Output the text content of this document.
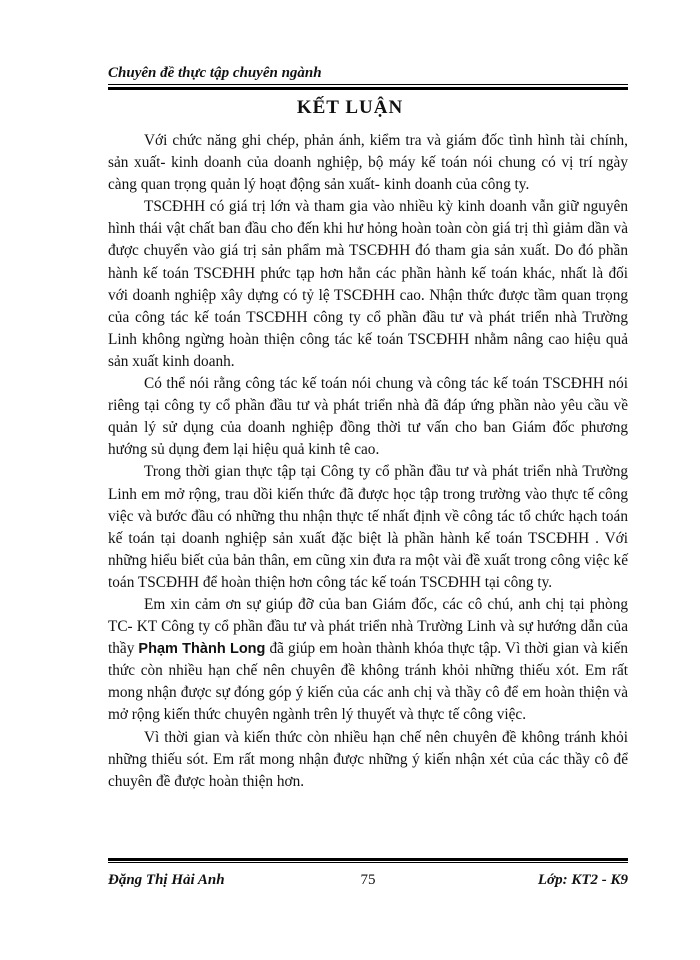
Chuyên đề thực tập chuyên ngành
KẾT LUẬN

Với chức năng ghi chép, phản ánh, kiểm tra và giám đốc tình hình tài chính, sản xuất- kinh doanh của doanh nghiệp, bộ máy kế toán nói chung có vị trí ngày càng quan trọng quản lý hoạt động sản xuất- kinh doanh của công ty.

TSCĐHH có giá trị lớn và tham gia vào nhiều kỳ kinh doanh vẫn giữ nguyên hình thái vật chất ban đầu cho đến khi hư hỏng hoàn toàn còn giá trị thì giảm dần và được chuyển vào giá trị sản phẩm mà TSCĐHH đó tham gia sản xuất. Do đó phần hành kế toán TSCĐHH phức tạp hơn hẳn các phần hành kế toán khác, nhất là đối với doanh nghiệp xây dựng có tỷ lệ TSCĐHH cao. Nhận thức được tầm quan trọng của công tác kế toán TSCĐHH công ty cổ phần đầu tư và phát triển nhà Trường Linh không ngừng hoàn thiện công tác kế toán TSCĐHH nhằm nâng cao hiệu quả sản xuất kinh doanh.

Có thể nói rằng công tác kế toán nói chung và công tác kế toán TSCĐHH nói riêng tại công ty cổ phần đầu tư và phát triển nhà đã đáp ứng phần nào yêu cầu về quản lý sử dụng của doanh nghiệp đồng thời tư vấn cho ban Giám đốc phương hướng sủ dụng đem lại hiệu quả kinh tê cao.

Trong thời gian thực tập tại Công ty cổ phần đầu tư và phát triển nhà Trường Linh em mở rộng, trau dồi kiến thức đã được học tập trong trường vào thực tế công việc và bước đầu có những thu nhận thực tế nhất định về công tác tổ chức hạch toán kế toán tại doanh nghiệp sản xuất đặc biệt là phần hành kế toán TSCĐHH . Với những hiểu biết của bản thân, em cũng xin đưa ra một vài đề xuất trong công việc kế toán TSCĐHH để hoàn thiện hơn công tác kế toán TSCĐHH tại công ty.

Em xin cảm ơn sự giúp đỡ của ban Giám đốc, các cô chú, anh chị tại phòng TC- KT Công ty cổ phần đầu tư và phát triển nhà Trường Linh và sự hướng dẫn của thầy Phạm Thành Long đã giúp em hoàn thành khóa thực tập. Vì thời gian và kiến thức còn nhiều hạn chế nên chuyên đề không tránh khỏi những thiếu xót. Em rất mong nhận được sự đóng góp ý kiến của các anh chị và thầy cô để em hoàn thiện và mở rộng kiến thức chuyên ngành trên lý thuyết và thực tế công việc.

Vì thời gian và kiến thức còn nhiều hạn chế nên chuyên đề không tránh khỏi những thiếu sót. Em rất mong nhận được những ý kiến nhận xét của các thầy cô để chuyên đề được hoàn thiện hơn.

Đặng Thị Hải Anh	75	Lớp: KT2 - K9
